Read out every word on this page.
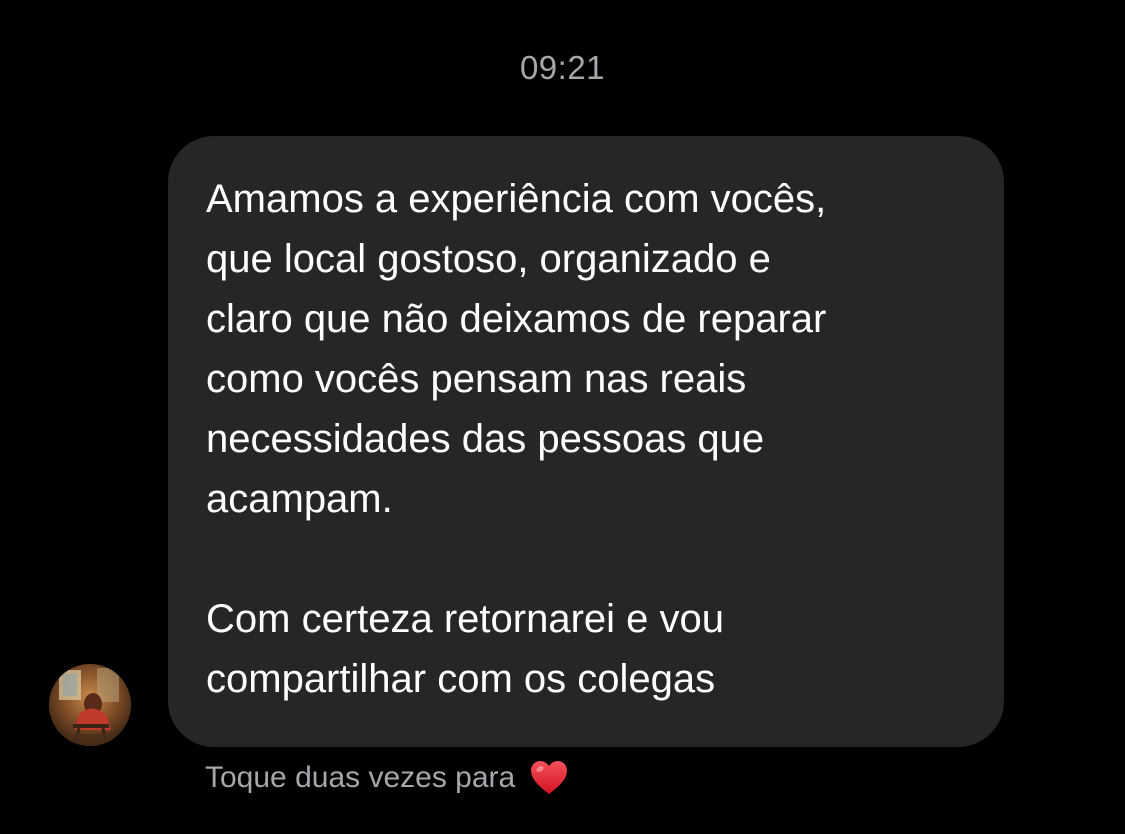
09:21

Amamos a experiência com vocês,
que local gostoso, organizado e
claro que não deixamos de reparar
como vocês pensam nas reais
necessidades das pessoas que
acampam.

Com certeza retornarei e vou
compartilhar com os colegas

Toque duas vezes para
